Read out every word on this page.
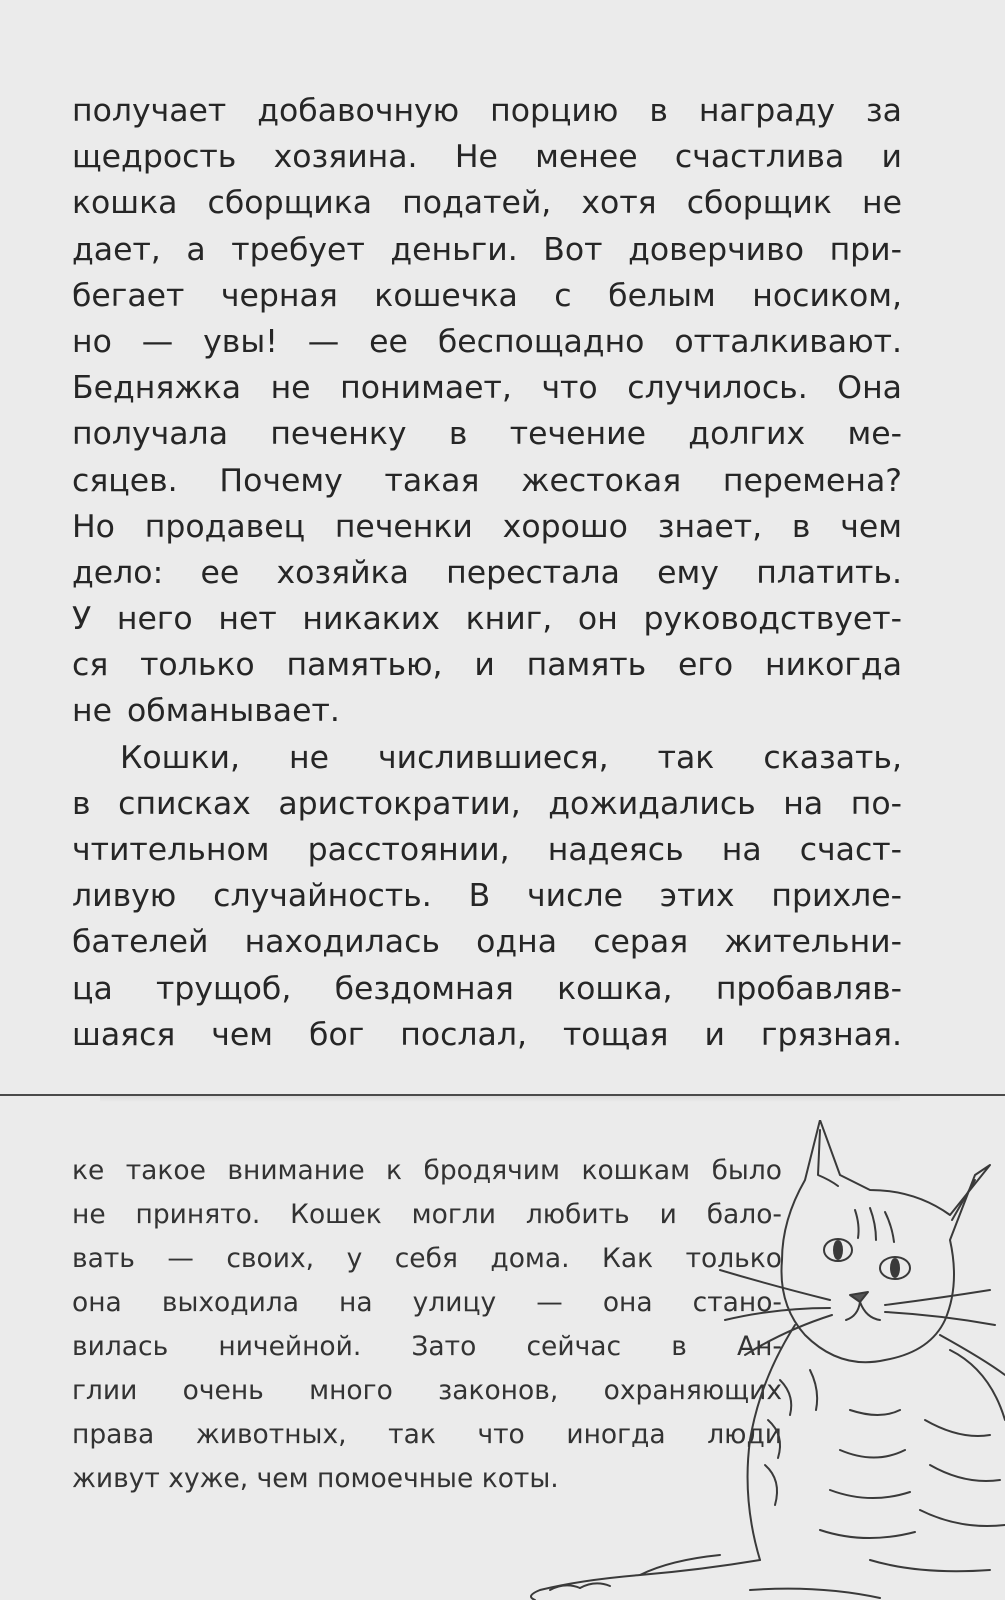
получает добавочную порцию в награду за
щедрость хозяина. Не менее счастлива и
кошка сборщика податей, хотя сборщик не
дает, а требует деньги. Вот доверчиво при-
бегает черная кошечка с белым носиком,
но — увы! — ее беспощадно отталкивают.
Бедняжка не понимает, что случилось. Она
получала печенку в течение долгих ме-
сяцев. Почему такая жестокая перемена?
Но продавец печенки хорошо знает, в чем
дело: ее хозяйка перестала ему платить.
У него нет никаких книг, он руководствует-
ся только памятью, и память его никогда
не обманывает.
Кошки, не числившиеся, так сказать,
в списках аристократии, дожидались на по-
чтительном расстоянии, надеясь на счаст-
ливую случайность. В числе этих прихле-
бателей находилась одна серая жительни-
ца трущоб, бездомная кошка, пробавляв-
шаяся чем бог послал, тощая и грязная.
ке такое внимание к бродячим кошкам было
не принято. Кошек могли любить и бало-
вать — своих, у себя дома. Как только
она выходила на улицу — она стано-
вилась ничейной. Зато сейчас в Ан-
глии очень много законов, охраняющих
права животных, так что иногда люди
живут хуже, чем помоечные коты.
